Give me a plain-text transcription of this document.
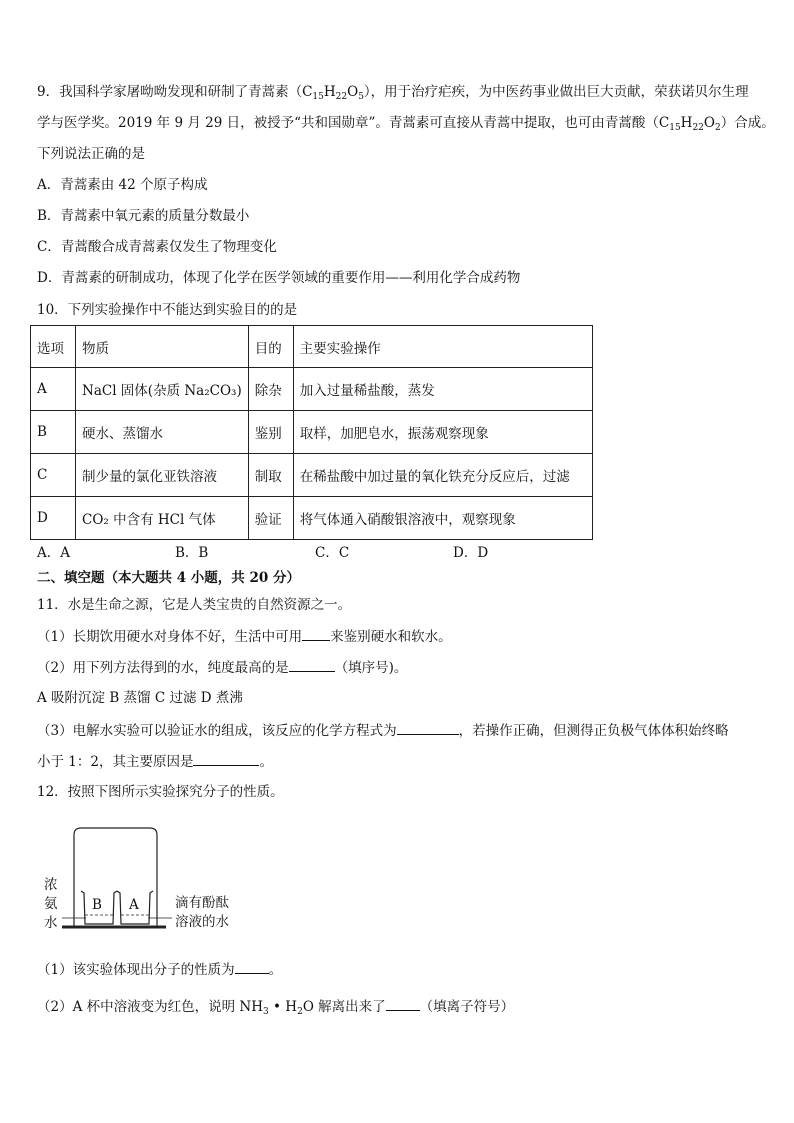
9．我国科学家屠呦呦发现和研制了青蒿素$(C_{15}H_{22}O_5)$，用于治疗疟疾，为中医药事业做出巨大贡献，荣获诺贝尔生理
学与医学奖。2019 年 9 月 29 日，被授予“共和国勋章”。青蒿素可直接从青蒿中提取，也可由青蒿酸$(C_{15}H_{22}O_2)$合成。
下列说法正确的是
A．青蒿素由 42 个原子构成
B．青蒿素中氧元素的质量分数最小
C．青蒿酸合成青蒿素仅发生了物理变化
D．青蒿素的研制成功，体现了化学在医学领域的重要作用——利用化学合成药物
10．下列实验操作中不能达到实验目的的是
选项	物质	目的	主要实验操作
A	NaCl 固体(杂质 Na₂CO₃)	除杂	加入过量稀盐酸，蒸发
B	硬水、蒸馏水	鉴别	取样，加肥皂水，振荡观察现象
C	制少量的氯化亚铁溶液	制取	在稀盐酸中加过量的氧化铁充分反应后，过滤
D	CO₂ 中含有 HCl 气体	验证	将气体通入硝酸银溶液中，观察现象
A．A	B．B	C．C	D．D
二、填空题（本大题共 4 小题，共 20 分）
11．水是生命之源，它是人类宝贵的自然资源之一。
（1）长期饮用硬水对身体不好，生活中可用 来鉴别硬水和软水。
（2）用下列方法得到的水，纯度最高的是	（填序号)。
A 吸附沉淀 B 蒸馏 C 过滤 D 煮沸
（3）电解水实验可以验证水的组成，该反应的化学方程式为	，若操作正确，但测得正负极气体体积始终略
小于 1：2，其主要原因是	。
12．按照下图所示实验探究分子的性质。
B A
浓
氨
水
滴有酚酞
溶液的水
（1）该实验体现出分子的性质为	。
（2）A 杯中溶液变为红色，说明 $NH_3$ • $H_2O$ 解离出来了	（填离子符号）
